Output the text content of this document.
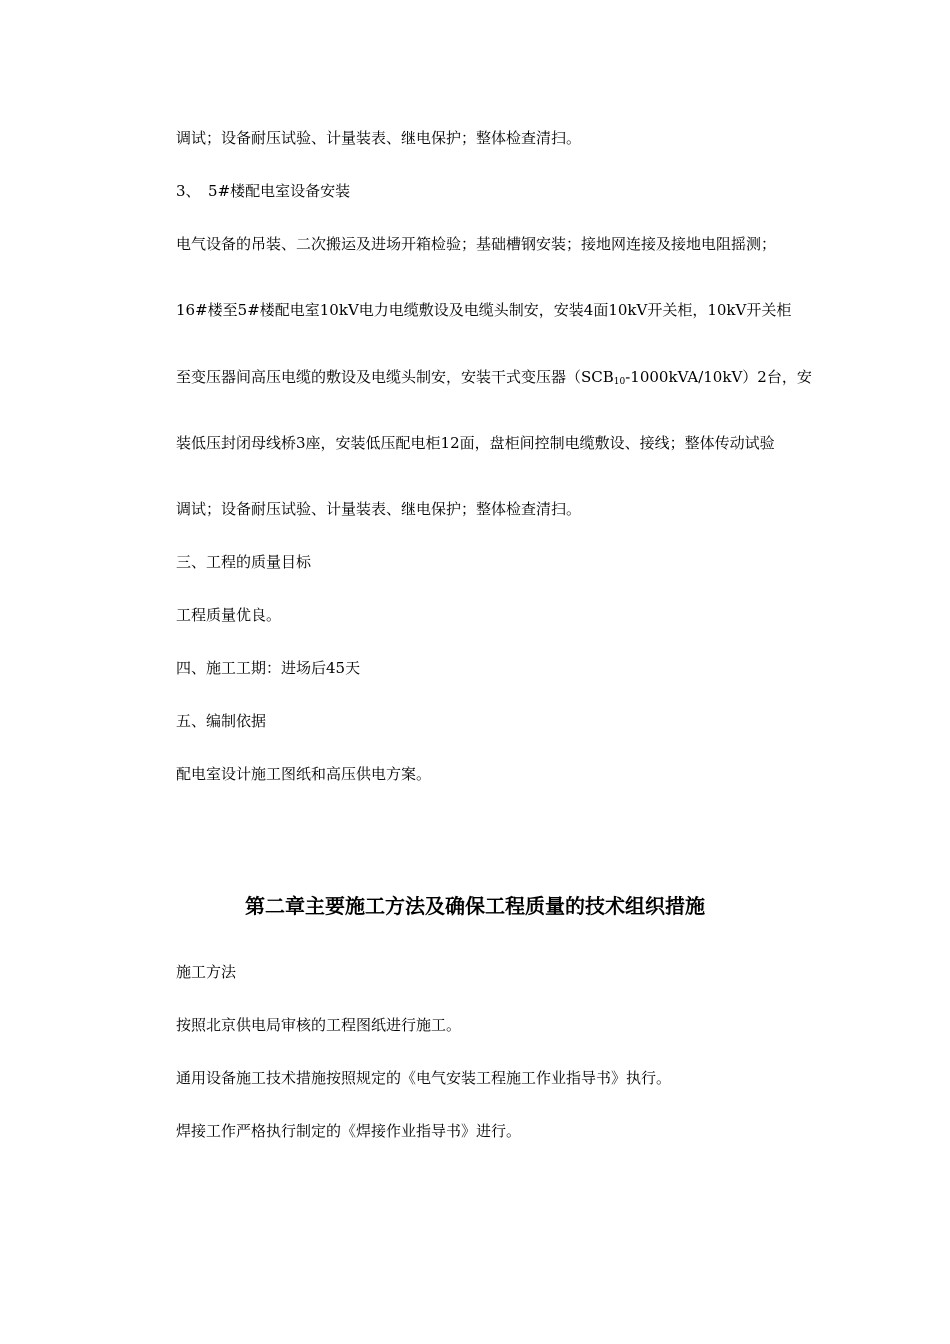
调试；设备耐压试验、计量装表、继电保护；整体检查清扫。
3、　5#楼配电室设备安装
电气设备的吊装、二次搬运及进场开箱检验；基础槽钢安装；接地网连接及接地电阻摇测；
16#楼至5#楼配电室10kV电力电缆敷设及电缆头制安，安装4面10kV开关柜，10kV开关柜
至变压器间高压电缆的敷设及电缆头制安，安装干式变压器$(SCB_{10}-1000kVA/10kV)2$台，安
装低压封闭母线桥3座，安装低压配电柜12面，盘柜间控制电缆敷设、接线；整体传动试验
调试；设备耐压试验、计量装表、继电保护；整体检查清扫。
三、工程的质量目标
工程质量优良。
四、施工工期：进场后45天
五、编制依据
配电室设计施工图纸和高压供电方案。
第二章主要施工方法及确保工程质量的技术组织措施
施工方法
按照北京供电局审核的工程图纸进行施工。
通用设备施工技术措施按照规定的《电气安装工程施工作业指导书》执行。
焊接工作严格执行制定的《焊接作业指导书》进行。
